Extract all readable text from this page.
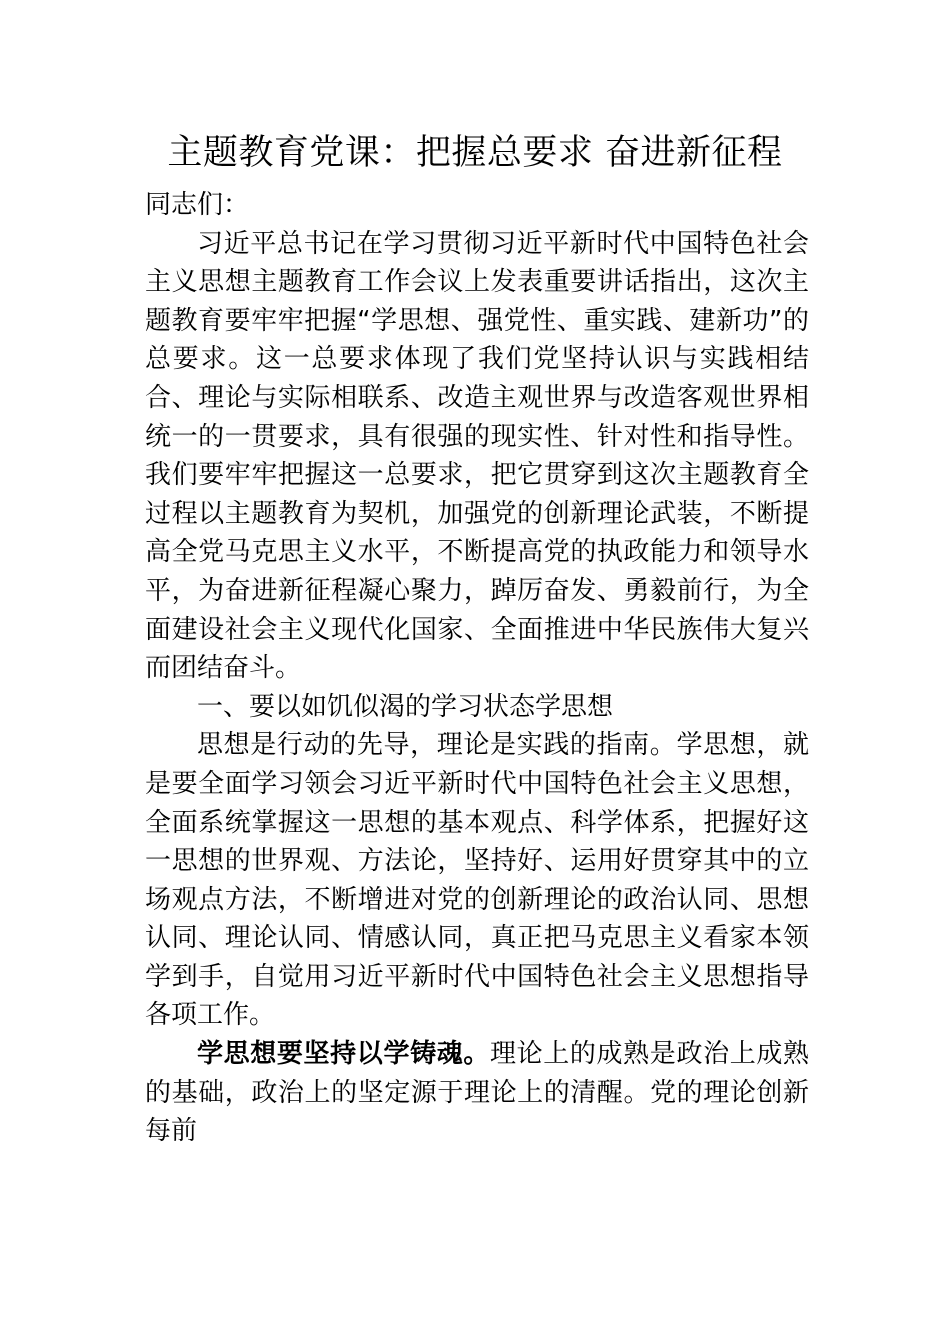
主题教育党课：把握总要求 奋进新征程

同志们：

习近平总书记在学习贯彻习近平新时代中国特色社会主义思想主题教育工作会议上发表重要讲话指出，这次主题教育要牢牢把握“学思想、强党性、重实践、建新功”的总要求。这一总要求体现了我们党坚持认识与实践相结合、理论与实际相联系、改造主观世界与改造客观世界相统一的一贯要求，具有很强的现实性、针对性和指导性。我们要牢牢把握这一总要求，把它贯穿到这次主题教育全过程以主题教育为契机，加强党的创新理论武装，不断提高全党马克思主义水平，不断提高党的执政能力和领导水平，为奋进新征程凝心聚力，踔厉奋发、勇毅前行，为全面建设社会主义现代化国家、全面推进中华民族伟大复兴而团结奋斗。

一、要以如饥似渴的学习状态学思想

思想是行动的先导，理论是实践的指南。学思想，就是要全面学习领会习近平新时代中国特色社会主义思想，全面系统掌握这一思想的基本观点、科学体系，把握好这一思想的世界观、方法论，坚持好、运用好贯穿其中的立场观点方法，不断增进对党的创新理论的政治认同、思想认同、理论认同、情感认同，真正把马克思主义看家本领学到手，自觉用习近平新时代中国特色社会主义思想指导各项工作。

学思想要坚持以学铸魂。理论上的成熟是政治上成熟的基础，政治上的坚定源于理论上的清醒。党的理论创新每前
